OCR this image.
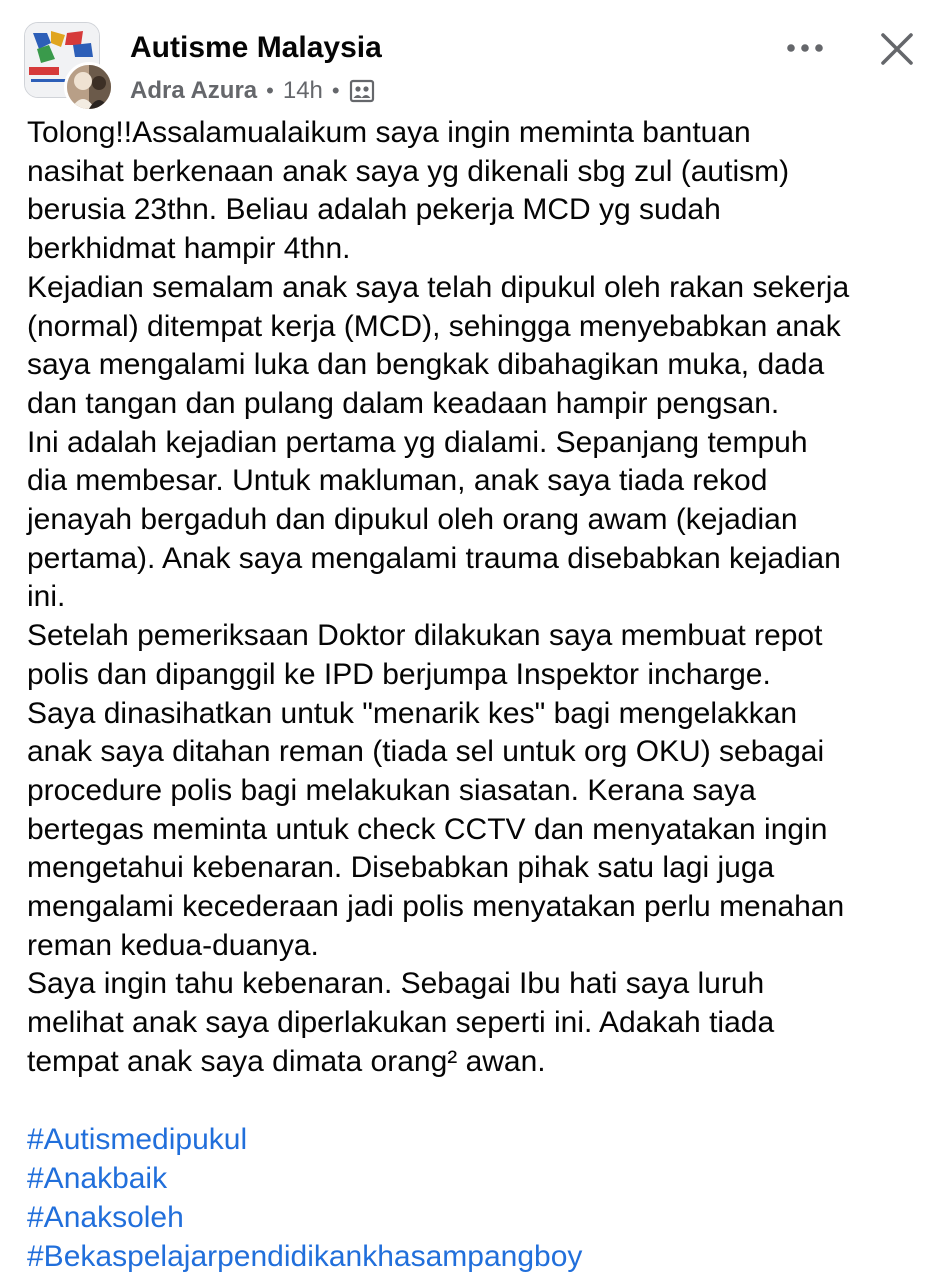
Autisme Malaysia
Adra Azura • 14h •
Tolong!!Assalamualaikum saya ingin meminta bantuan
nasihat berkenaan anak saya yg dikenali sbg zul (autism)
berusia 23thn. Beliau adalah pekerja MCD yg sudah
berkhidmat hampir 4thn.
Kejadian semalam anak saya telah dipukul oleh rakan sekerja
(normal) ditempat kerja (MCD), sehingga menyebabkan anak
saya mengalami luka dan bengkak dibahagikan muka, dada
dan tangan dan pulang dalam keadaan hampir pengsan.
Ini adalah kejadian pertama yg dialami. Sepanjang tempuh
dia membesar. Untuk makluman, anak saya tiada rekod
jenayah bergaduh dan dipukul oleh orang awam (kejadian
pertama). Anak saya mengalami trauma disebabkan kejadian
ini.
Setelah pemeriksaan Doktor dilakukan saya membuat repot
polis dan dipanggil ke IPD berjumpa Inspektor incharge.
Saya dinasihatkan untuk "menarik kes" bagi mengelakkan
anak saya ditahan reman (tiada sel untuk org OKU) sebagai
procedure polis bagi melakukan siasatan. Kerana saya
bertegas meminta untuk check CCTV dan menyatakan ingin
mengetahui kebenaran. Disebabkan pihak satu lagi juga
mengalami kecederaan jadi polis menyatakan perlu menahan
reman kedua-duanya.
Saya ingin tahu kebenaran. Sebagai Ibu hati saya luruh
melihat anak saya diperlakukan seperti ini. Adakah tiada
tempat anak saya dimata orang² awan.
#Autismedipukul
#Anakbaik
#Anaksoleh
#Bekaspelajarpendidikankhasampangboy
